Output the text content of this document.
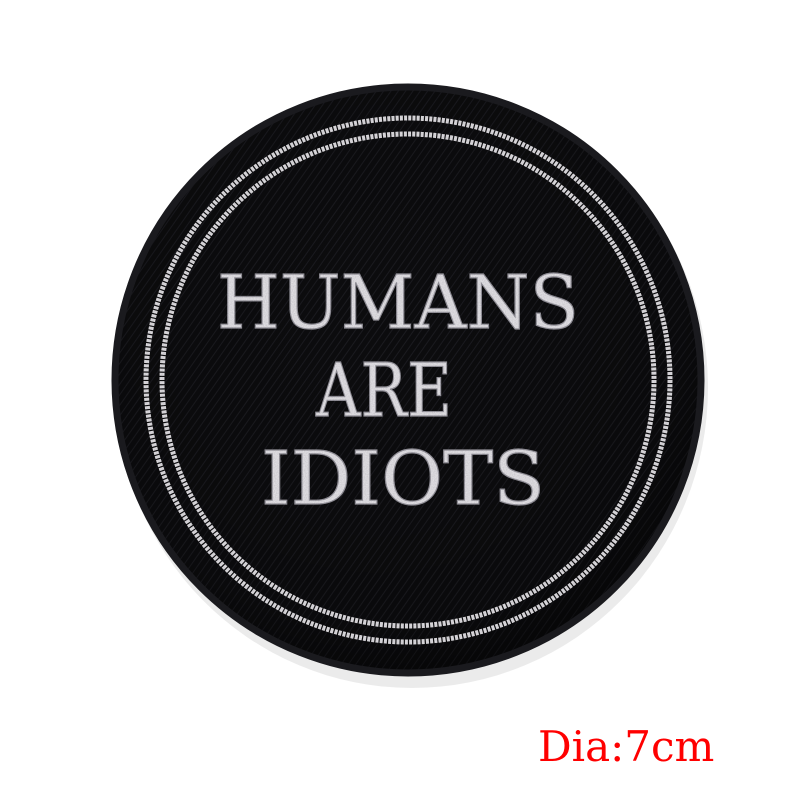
HUMANS
ARE
IDIOTS
Dia:7cm
